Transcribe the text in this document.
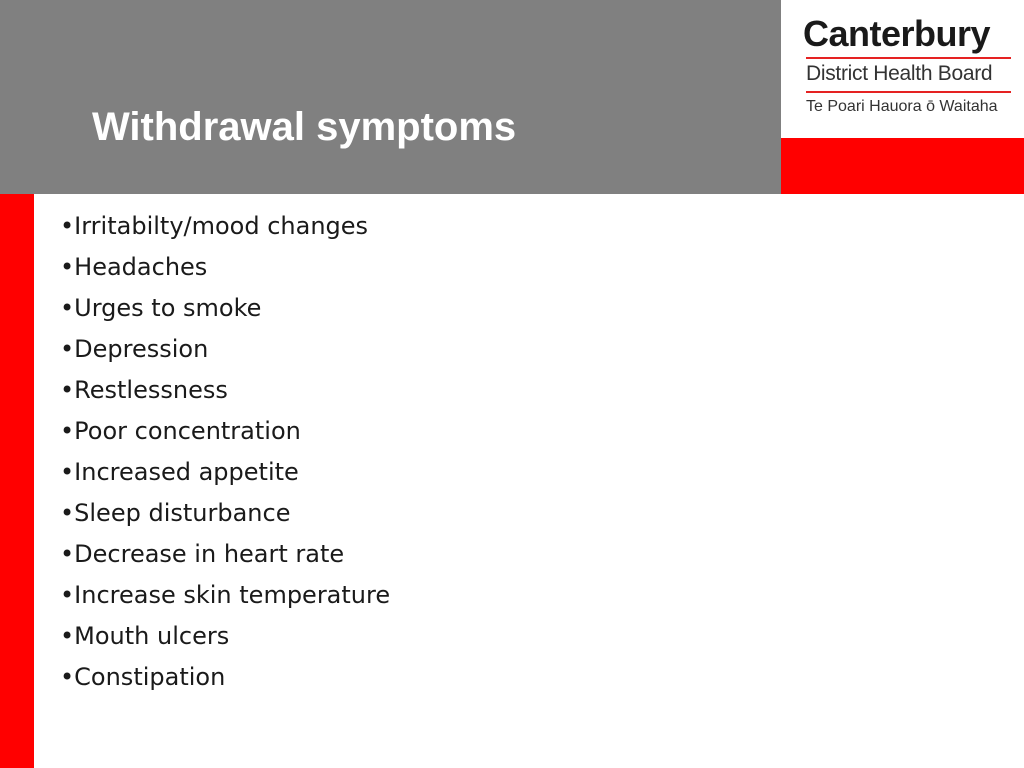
Withdrawal symptoms
Canterbury
District Health Board
Te Poari Hauora ō Waitaha
•Irritabilty/mood changes
•Headaches
•Urges to smoke
•Depression
•Restlessness
•Poor concentration
•Increased appetite
•Sleep disturbance
•Decrease in heart rate
•Increase skin temperature
•Mouth ulcers
•Constipation
